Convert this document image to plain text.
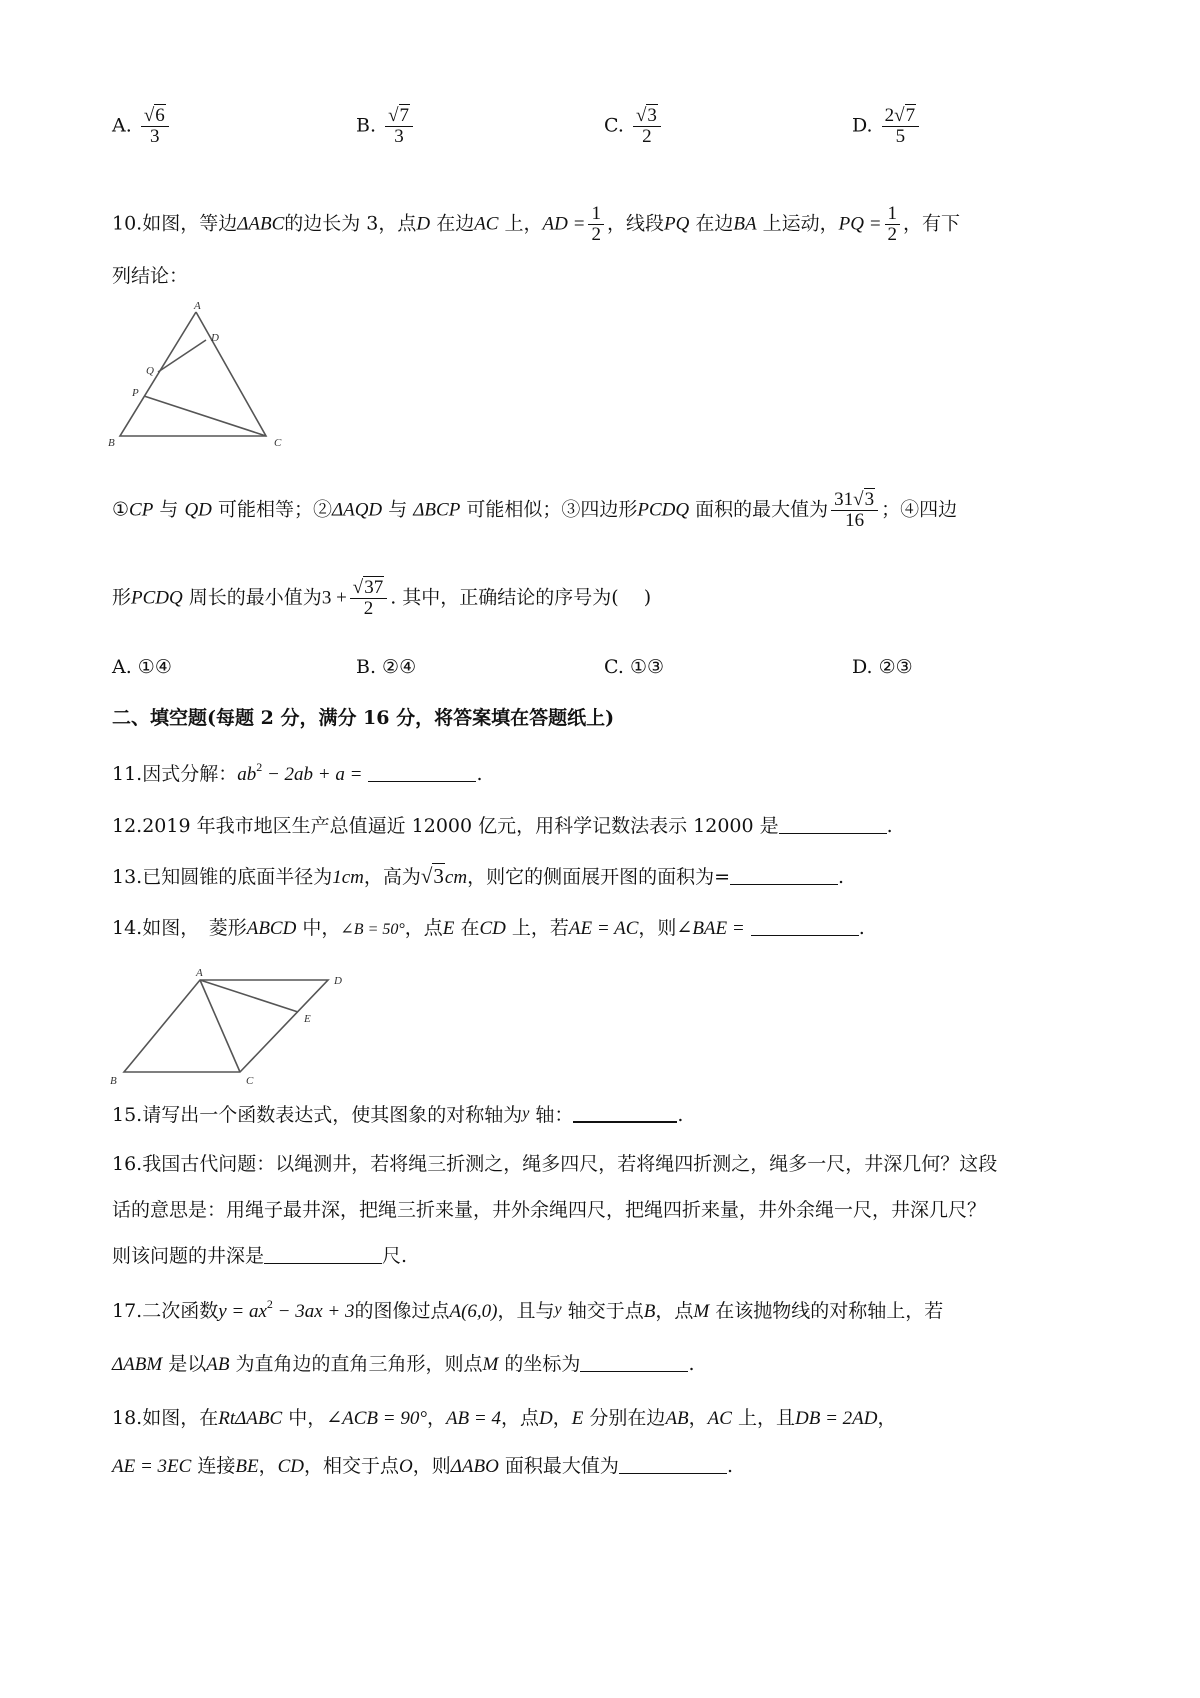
A. $\frac{√6}{3}$	B. $\frac{√7}{3}$	C. $\frac{√3}{2}$	D. $\frac{2√7}{5}$
10.如图，等边ΔABC的边长为 3，点D 在边AC 上，AD = $\frac{1}{2}$ ，线段PQ 在边BA 上运动，PQ = $\frac{1}{2}$ ，有下
列结论：
A
D
Q
P
B	C
①CP 与 QD 可能相等；②ΔAQD 与 ΔBCP 可能相似；③四边形PCDQ 面积的最大值为 $\frac{31√3}{16}$ ；④四边
形PCDQ 周长的最小值为$3 + \frac{√37}{2}$ . 其中，正确结论的序号为(　 )
A. ①④	B. ②④	C. ①③	D. ②③
二、填空题(每题 2 分，满分 16 分，将答案填在答题纸上)
11.因式分解：$ab^2 - 2ab + a$ =	.
12.2019 年我市地区生产总值逼近 12000 亿元，用科学记数法表示 12000 是	.
13.已知圆锥的底面半径为1cm，高为√3cm，则它的侧面展开图的面积为=	.
14.如图，　菱形ABCD 中，∠B = 50°，点E 在CD 上，若AE = AC，则∠BAE =	.
A
D
E
B	C
15.请写出一个函数表达式，使其图象的对称轴为y 轴：	.
16.我国古代问题：以绳测井，若将绳三折测之，绳多四尺，若将绳四折测之，绳多一尺，井深几何？这段
话的意思是：用绳子最井深，把绳三折来量，井外余绳四尺，把绳四折来量，井外余绳一尺，井深几尺？
则该问题的井深是	尺.
17.二次函数$y = ax^2 - 3ax + 3$的图像过点A(6,0)，且与y 轴交于点B，点M 在该抛物线的对称轴上，若
ΔABM 是以AB 为直角边的直角三角形，则点M 的坐标为	.
18.如图，在RtΔABC 中，∠ACB = 90°，AB = 4，点D，E 分别在边AB，AC 上，且DB = 2AD，
AE = 3EC 连接BE，CD，相交于点O，则ΔABO 面积最大值为	.
